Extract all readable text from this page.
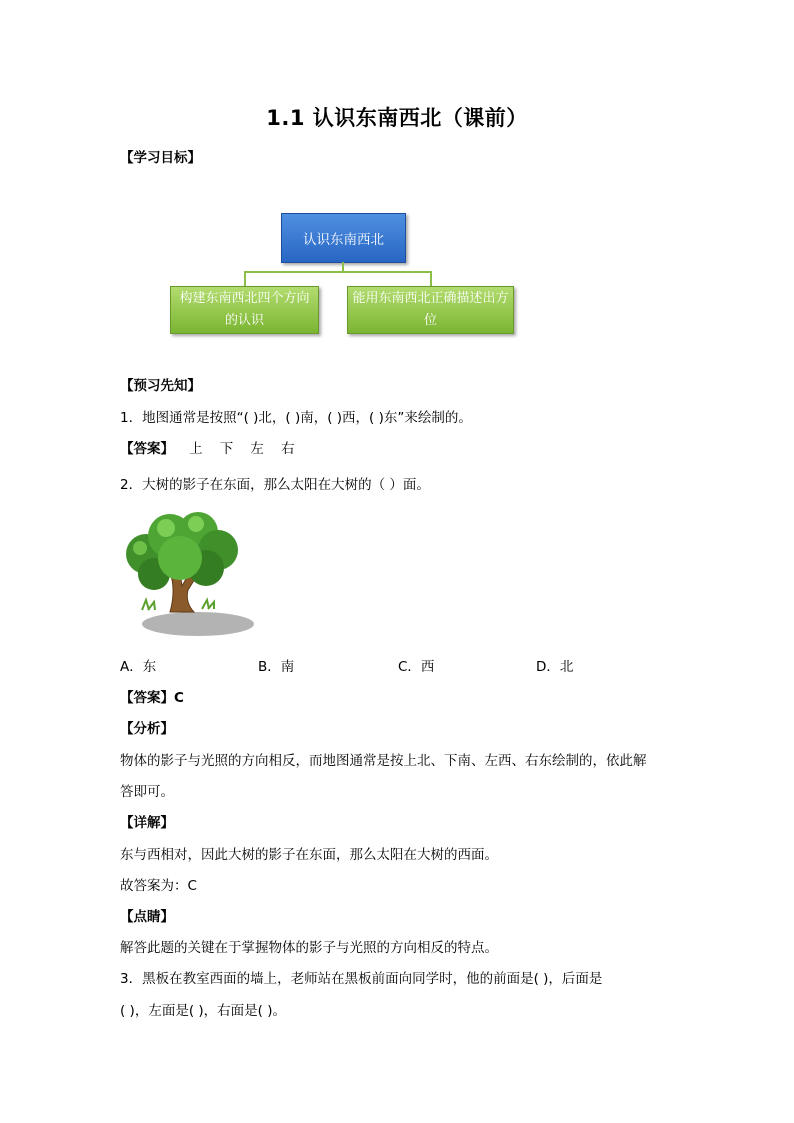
1.1 认识东南西北（课前）
【学习目标】
认识东南西北
构建东南西北四个方向的认识
能用东南西北正确描述出方位
【预习先知】
1．地图通常是按照“( )北，( )南，( )西，( )东”来绘制的。
【答案】 上    下    左    右
2．大树的影子在东面，那么太阳在大树的（ ）面。
A．东	B．南	C．西	D．北
【答案】C
【分析】
物体的影子与光照的方向相反，而地图通常是按上北、下南、左西、右东绘制的，依此解
答即可。
【详解】
东与西相对，因此大树的影子在东面，那么太阳在大树的西面。
故答案为：C
【点睛】
解答此题的关键在于掌握物体的影子与光照的方向相反的特点。
3．黑板在教室西面的墙上，老师站在黑板前面向同学时，他的前面是( )，后面是
( )，左面是( )，右面是( )。
